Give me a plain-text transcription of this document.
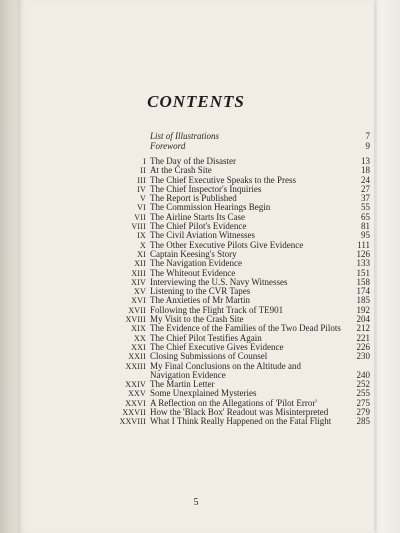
CONTENTS
List of Illustrations	7
Foreword	9
I The Day of the Disaster	13
II At the Crash Site	18
III The Chief Executive Speaks to the Press	24
IV The Chief Inspector's Inquiries	27
V The Report is Published	37
VI The Commission Hearings Begin	55
VII The Airline Starts Its Case	65
VIII The Chief Pilot's Evidence	81
IX The Civil Aviation Witnesses	95
X The Other Executive Pilots Give Evidence	111
XI Captain Keesing's Story	126
XII The Navigation Evidence	133
XIII The Whiteout Evidence	151
XIV Interviewing the U.S. Navy Witnesses	158
XV Listening to the CVR Tapes	174
XVI The Anxieties of Mr Martin	185
XVII Following the Flight Track of TE901	192
XVIII My Visit to the Crash Site	204
XIX The Evidence of the Families of the Two Dead Pilots 212
XX The Chief Pilot Testifies Again	221
XXI The Chief Executive Gives Evidence	226
XXII Closing Submissions of Counsel	230
XXIII My Final Conclusions on the Altitude and Navigation Evidence	240
XXIV The Martin Letter	252
XXV Some Unexplained Mysteries	255
XXVI A Reflection on the Allegations of 'Pilot Error'	275
XXVII How the 'Black Box' Readout was Misinterpreted	279
XXVIII What I Think Really Happened on the Fatal Flight	285
5
